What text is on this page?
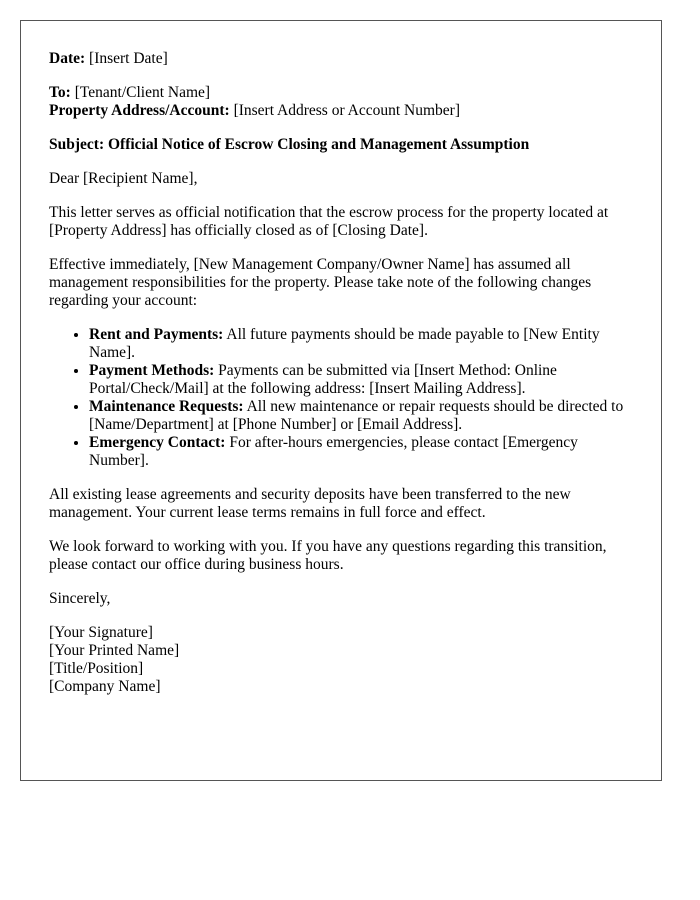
Date: [Insert Date]

To: [Tenant/Client Name]

Property Address/Account: [Insert Address or Account Number]

Subject: Official Notice of Escrow Closing and Management Assumption

Dear [Recipient Name],

This letter serves as official notification that the escrow process for the property located at [Property Address] has officially closed as of [Closing Date].

Effective immediately, [New Management Company/Owner Name] has assumed all management responsibilities for the property. Please take note of the following changes regarding your account:

• Rent and Payments: All future payments should be made payable to [New Entity Name].
• Payment Methods: Payments can be submitted via [Insert Method: Online Portal/Check/Mail] at the following address: [Insert Mailing Address].
• Maintenance Requests: All new maintenance or repair requests should be directed to [Name/Department] at [Phone Number] or [Email Address].
• Emergency Contact: For after-hours emergencies, please contact [Emergency Number].

All existing lease agreements and security deposits have been transferred to the new management. Your current lease terms remains in full force and effect.

We look forward to working with you. If you have any questions regarding this transition, please contact our office during business hours.

Sincerely,

[Your Signature]
[Your Printed Name]
[Title/Position]
[Company Name]
